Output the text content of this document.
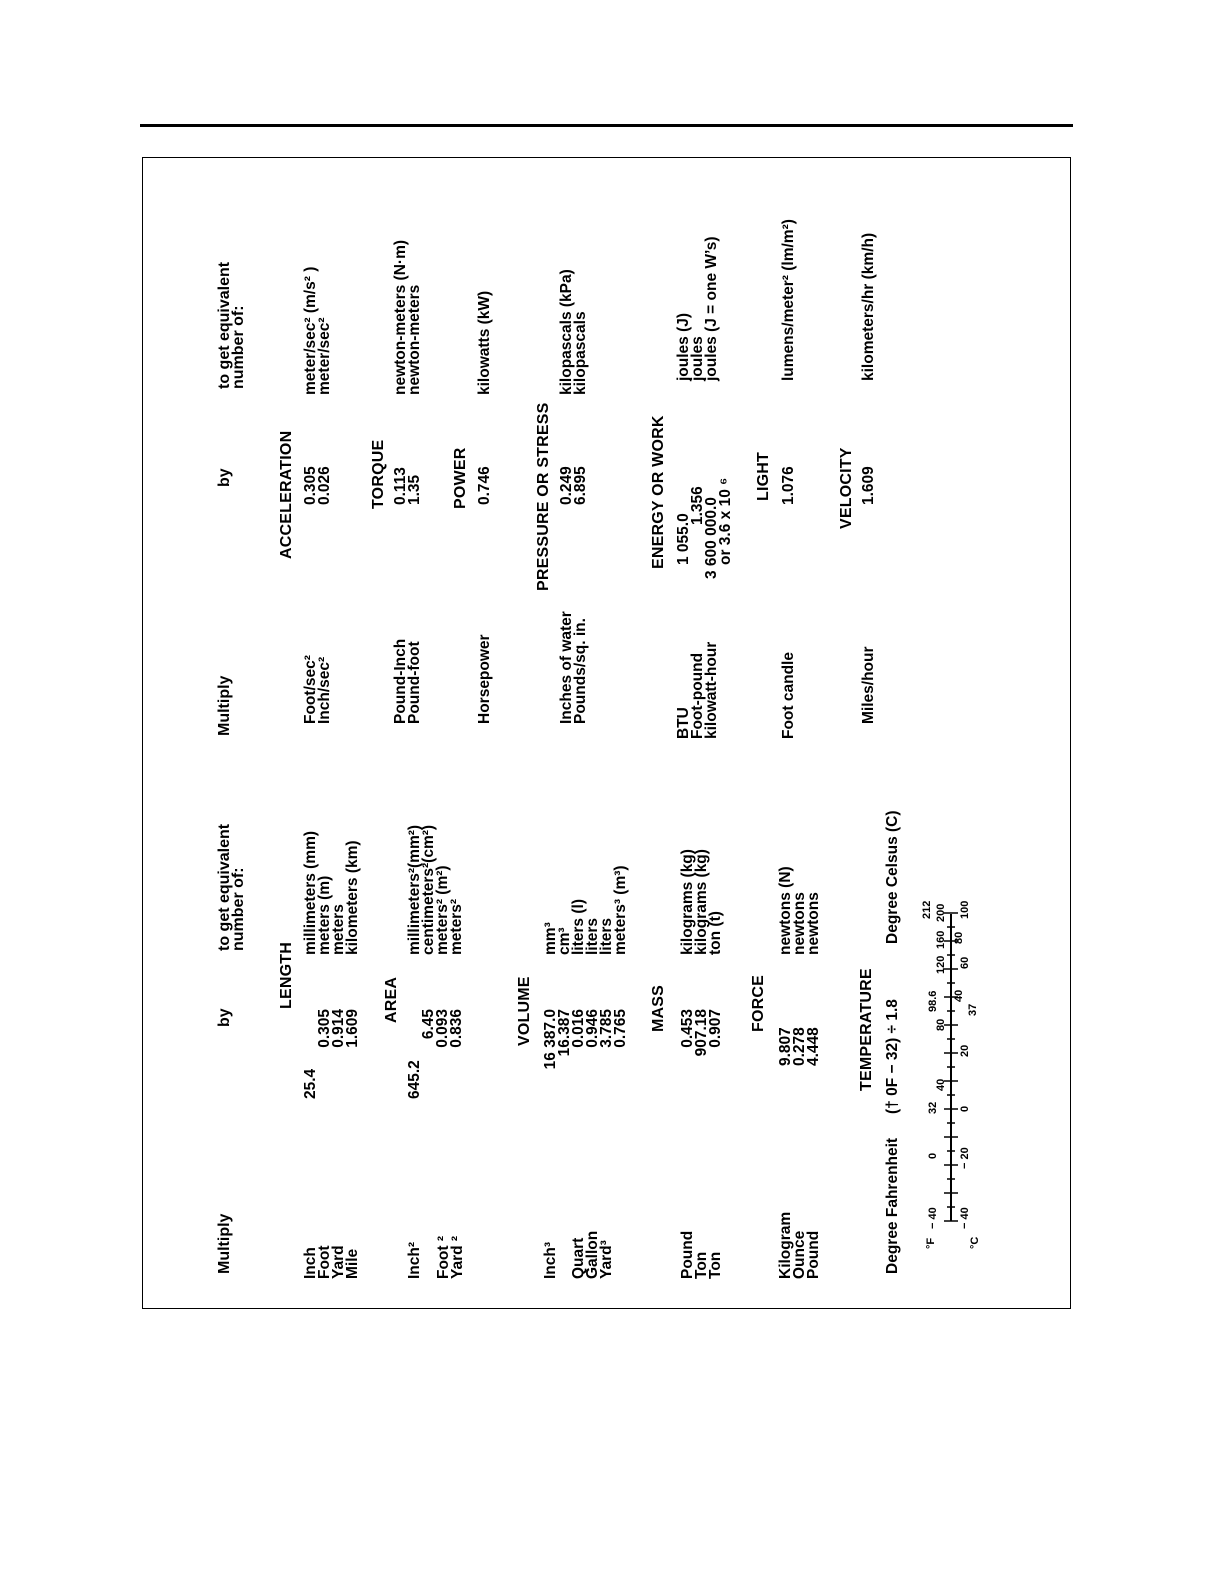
Multiply
by
to get equivalent
number of:
Multiply
by
to get equivalent
number of:
LENGTH
Inch
Foot
Yard
Mile
25.4
0.305
0.914
1.609
millimeters (mm)
meters (m)
meters
kilometers (km)
AREA
Inch² Foot ²
Yard ²
645.2
6.45
0.093
0.836
millimeters²(mm²)
centimeters²(cm²)
meters² (m²)
meters²
VOLUME
Inch³ Quart
Gallon
Yard³
16 387.0
16.387
0.016
0.946
3.785
0.765
mm³
cm³
liters (l)
liters
liters
meters³ (m³)
MASS
Pound
Ton
Ton
0.453
907.18
0.907
kilograms (kg)
kilograms (kg)
ton (t)
FORCE
Kilogram
Ounce
Pound
9.807
0.278
4.448
newtons (N)
newtons
newtons
TEMPERATURE
Degree Fahrenheit
(† 0F − 32) ÷ 1.8
Degree Celsus (C)
°F	°C
− 40
0
32
40
80
98.6
120
160
200
212
− 40
− 20
0
20
37
40
60
80
100
ACCELERATION
Foot/sec²
Inch/sec²
0.305
0.026
meter/sec² (m/s² )
meter/sec²
TORQUE
Pound-Inch
Pound-foot
0.113
1.35
newton-meters (N·m)
newton-meters
POWER
Horsepower
0.746
kilowatts (kW)
PRESSURE OR STRESS
Inches of water
Pounds/sq. in.
0.249
6.895
kilopascals (kPa)
kilopascals
ENERGY OR WORK
BTU
Foot-pound
kilowatt-hour
1 055.0
1.356
3 600 000.0
or 3.6 x 10 ⁶
joules (J)
joules
joules (J = one W’s)
LIGHT
Foot candle
1.076
lumens/meter² (lm/m²)
VELOCITY
Miles/hour
1.609
kilometers/hr (km/h)
